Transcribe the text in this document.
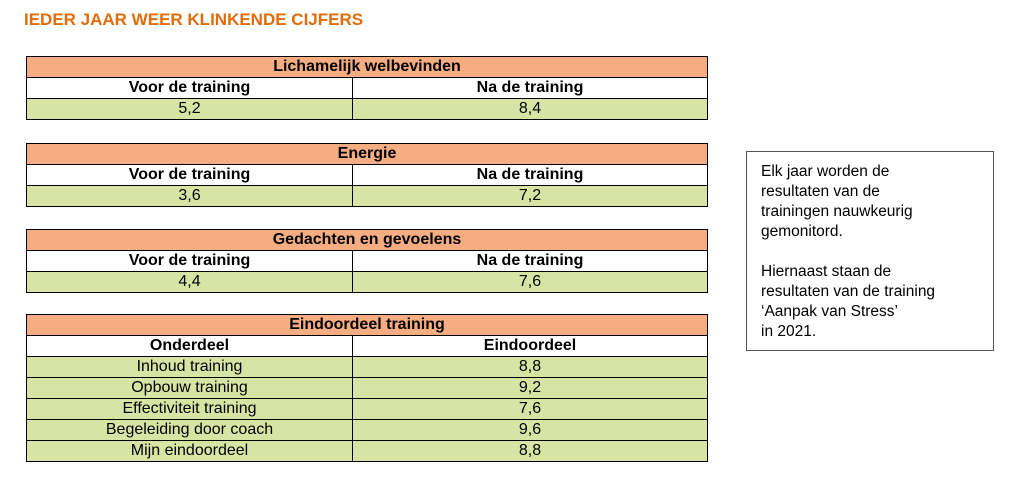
IEDER JAAR WEER KLINKENDE CIJFERS
Lichamelijk welbevinden	
Voor de training	Na de training
5,2	8,4
Energie	
Voor de training	Na de training
3,6	7,2
Gedachten en gevoelens	
Voor de training	Na de training
4,4	7,6
Eindoordeel training	
Onderdeel	Eindoordeel
Inhoud training	8,8
Opbouw training	9,2
Effectiviteit training	7,6
Begeleiding door coach	9,6
Mijn eindoordeel	8,8

Elk jaar worden de
resultaten van de
trainingen nauwkeurig
gemonitord.

Hiernaast staan de
resultaten van de training
‘Aanpak van Stress’
in 2021.
